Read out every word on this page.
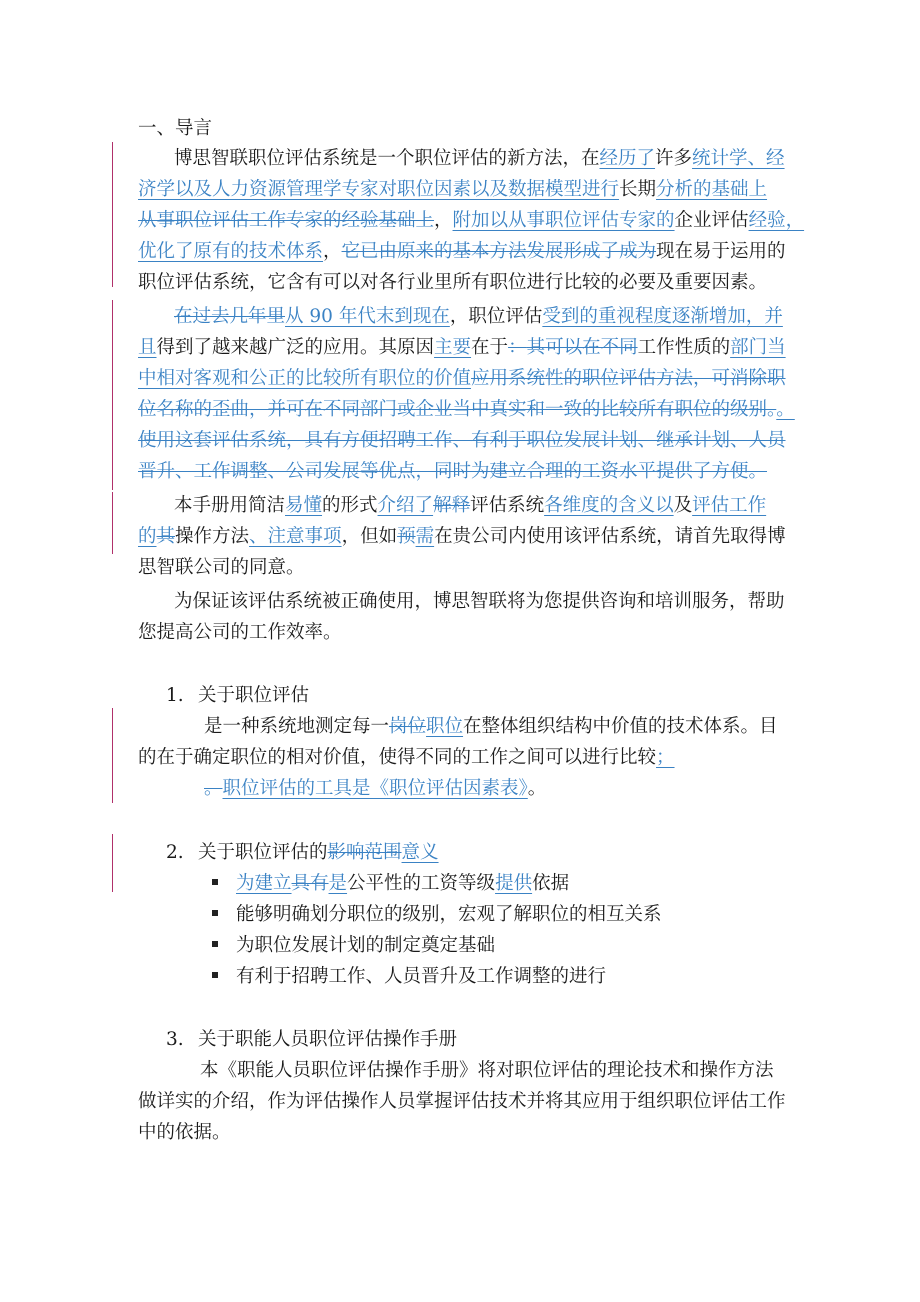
一、导言
博思智联职位评估系统是一个职位评估的新方法，在经历了许多统计学、经
济学以及人力资源管理学专家对职位因素以及数据模型进行长期分析的基础上
从事职位评估工作专家的经验基础上，附加以从事职位评估专家的企业评估经验，
优化了原有的技术体系，它已由原来的基本方法发展形成了成为现在易于运用的
职位评估系统，它含有可以对各行业里所有职位进行比较的必要及重要因素。
在过去几年里从 90 年代末到现在，职位评估受到的重视程度逐渐增加，并
且得到了越来越广泛的应用。其原因主要在于：其可以在不同工作性质的部门当
中相对客观和公正的比较所有职位的价值应用系统性的职位评估方法，可消除职
位名称的歪曲，并可在不同部门或企业当中真实和一致的比较所有职位的级别。。
使用这套评估系统，具有方便招聘工作、有利于职位发展计划、继承计划、人员
晋升、工作调整、公司发展等优点，同时为建立合理的工资水平提供了方便。
本手册用简洁易懂的形式介绍了解释评估系统各维度的含义以及评估工作
的其操作方法、注意事项，但如预需在贵公司内使用该评估系统，请首先取得博
思智联公司的同意。
为保证该评估系统被正确使用，博思智联将为您提供咨询和培训服务，帮助
您提高公司的工作效率。
1. 关于职位评估
是一种系统地测定每一岗位职位在整体组织结构中价值的技术体系。目
的在于确定职位的相对价值，使得不同的工作之间可以进行比较；
。职位评估的工具是《职位评估因素表》。
2. 关于职位评估的影响范围意义
为建立具有是公平性的工资等级提供依据
能够明确划分职位的级别，宏观了解职位的相互关系
为职位发展计划的制定奠定基础
有利于招聘工作、人员晋升及工作调整的进行
3. 关于职能人员职位评估操作手册
本《职能人员职位评估操作手册》将对职位评估的理论技术和操作方法
做详实的介绍，作为评估操作人员掌握评估技术并将其应用于组织职位评估工作
中的依据。
